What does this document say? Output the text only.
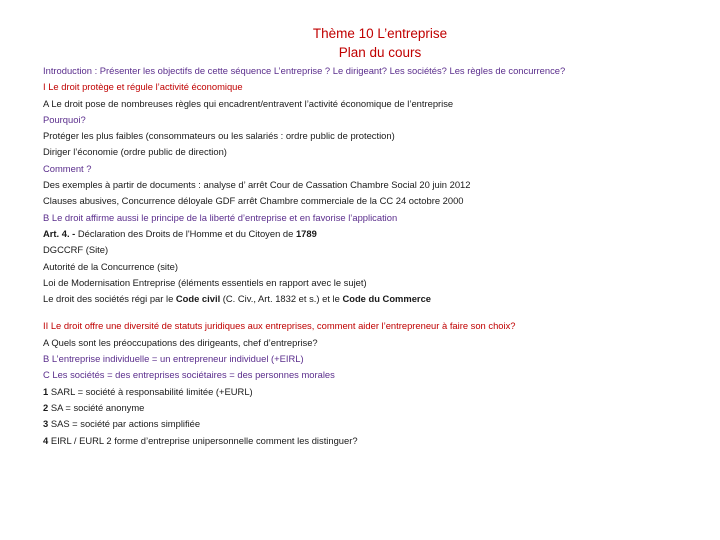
Thème 10 L’entreprise
Plan du cours
Introduction : Présenter les objectifs de cette séquence L’entreprise ? Le dirigeant? Les sociétés? Les règles de concurrence?
I Le droit protège et régule l’activité économique
A Le droit pose de nombreuses règles qui encadrent/entravent l’activité économique de l’entreprise
Pourquoi?
Protéger les plus faibles (consommateurs ou les salariés : ordre public de protection)
Diriger l’économie (ordre public de direction)
Comment ?
Des exemples à partir de documents : analyse d’ arrêt Cour de Cassation Chambre Social 20 juin 2012
Clauses abusives, Concurrence déloyale GDF arrêt Chambre commerciale de la CC 24 octobre 2000
B Le droit affirme aussi le principe de la liberté d’entreprise et en favorise l’application
Art. 4. - Déclaration des Droits de l'Homme et du Citoyen de 1789
DGCCRF (Site)
Autorité de la Concurrence (site)
Loi de Modernisation Entreprise (éléments essentiels en rapport avec le sujet)
Le droit des sociétés régi par le Code civil (C. Civ., Art. 1832 et s.) et le Code du Commerce
II Le droit offre une diversité de statuts juridiques aux entreprises, comment aider l’entrepreneur à faire son choix?
A Quels sont les préoccupations des dirigeants, chef d’entreprise?
B L’entreprise individuelle = un entrepreneur individuel (+EIRL)
C Les sociétés = des entreprises sociétaires = des personnes morales
1 SARL = société à responsabilité limitée (+EURL)
2 SA = société anonyme
3 SAS = société par actions simplifiée
4 EIRL / EURL 2 forme d’entreprise unipersonnelle comment les distinguer?
